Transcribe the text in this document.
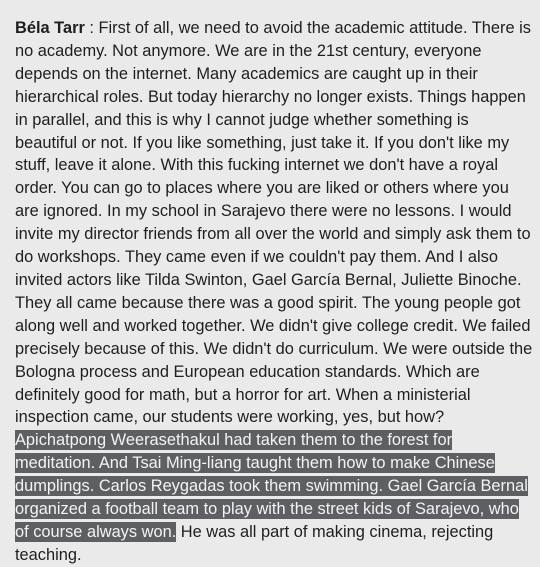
Béla Tarr : First of all, we need to avoid the academic attitude. There is no academy. Not anymore. We are in the 21st century, everyone depends on the internet. Many academics are caught up in their hierarchical roles. But today hierarchy no longer exists. Things happen in parallel, and this is why I cannot judge whether something is beautiful or not. If you like something, just take it. If you don't like my stuff, leave it alone. With this fucking internet we don't have a royal order. You can go to places where you are liked or others where you are ignored. In my school in Sarajevo there were no lessons. I would invite my director friends from all over the world and simply ask them to do workshops. They came even if we couldn't pay them. And I also invited actors like Tilda Swinton, Gael García Bernal, Juliette Binoche. They all came because there was a good spirit. The young people got along well and worked together. We didn't give college credit. We failed precisely because of this. We didn't do curriculum. We were outside the Bologna process and European education standards. Which are definitely good for math, but a horror for art. When a ministerial inspection came, our students were working, yes, but how? Apichatpong Weerasethakul had taken them to the forest for meditation. And Tsai Ming-liang taught them how to make Chinese dumplings. Carlos Reygadas took them swimming. Gael García Bernal organized a football team to play with the street kids of Sarajevo, who of course always won. He was all part of making cinema, rejecting teaching.
